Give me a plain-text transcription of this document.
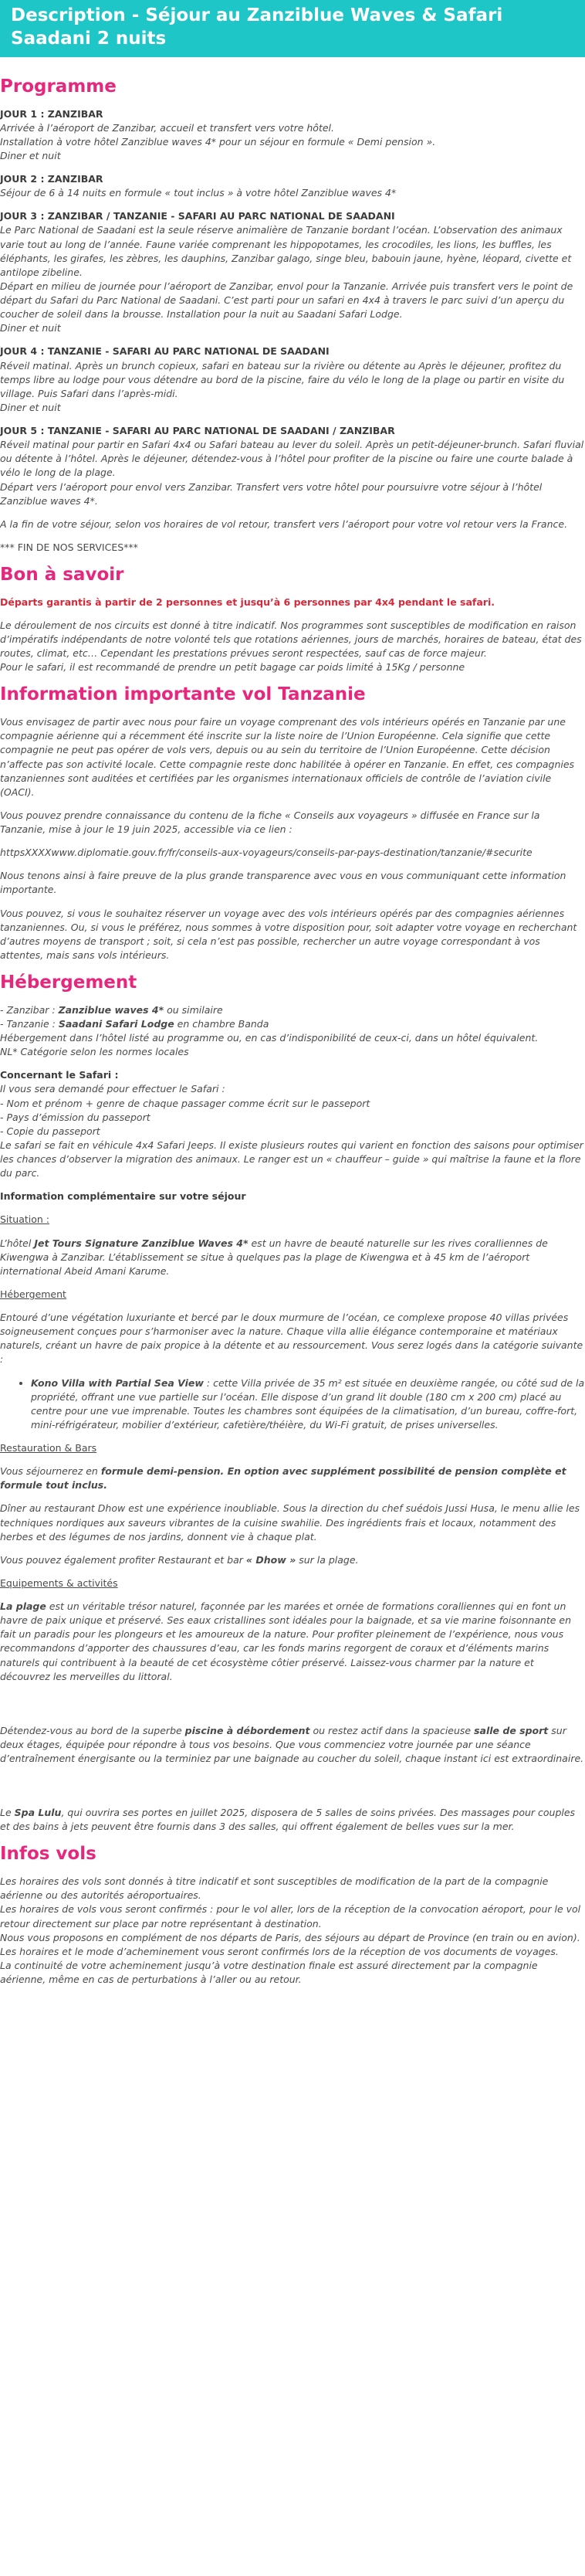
Description - Séjour au Zanziblue Waves & Safari Saadani 2 nuits
Programme

JOUR 1 : ZANZIBAR
Arrivée à l’aéroport de Zanzibar, accueil et transfert vers votre hôtel.
Installation à votre hôtel Zanziblue waves 4* pour un séjour en formule « Demi pension ».
Diner et nuit

JOUR 2 : ZANZIBAR
Séjour de 6 à 14 nuits en formule « tout inclus » à votre hôtel Zanziblue waves 4*

JOUR 3 : ZANZIBAR / TANZANIE - SAFARI AU PARC NATIONAL DE SAADANI
Le Parc National de Saadani est la seule réserve animalière de Tanzanie bordant l’océan. L’observation des animaux varie tout au long de l’année. Faune variée comprenant les hippopotames, les crocodiles, les lions, les buffles, les éléphants, les girafes, les zèbres, les dauphins, Zanzibar galago, singe bleu, babouin jaune, hyène, léopard, civette et antilope zibeline.
Départ en milieu de journée pour l’aéroport de Zanzibar, envol pour la Tanzanie. Arrivée puis transfert vers le point de départ du Safari du Parc National de Saadani. C’est parti pour un safari en 4x4 à travers le parc suivi d’un aperçu du coucher de soleil dans la brousse. Installation pour la nuit au Saadani Safari Lodge.
Diner et nuit

JOUR 4 : TANZANIE - SAFARI AU PARC NATIONAL DE SAADANI
Réveil matinal. Après un brunch copieux, safari en bateau sur la rivière ou détente au Après le déjeuner, profitez du temps libre au lodge pour vous détendre au bord de la piscine, faire du vélo le long de la plage ou partir en visite du village. Puis Safari dans l’après-midi.
Diner et nuit

JOUR 5 : TANZANIE - SAFARI AU PARC NATIONAL DE SAADANI / ZANZIBAR
Réveil matinal pour partir en Safari 4x4 ou Safari bateau au lever du soleil. Après un petit-déjeuner-brunch. Safari fluvial ou détente à l’hôtel. Après le déjeuner, détendez-vous à l’hôtel pour profiter de la piscine ou faire une courte balade à vélo le long de la plage.
Départ vers l’aéroport pour envol vers Zanzibar. Transfert vers votre hôtel pour poursuivre votre séjour à l’hôtel Zanziblue waves 4*.

A la fin de votre séjour, selon vos horaires de vol retour, transfert vers l’aéroport pour votre vol retour vers la France.

*** FIN DE NOS SERVICES***

Bon à savoir

Départs garantis à partir de 2 personnes et jusqu’à 6 personnes par 4x4 pendant le safari.

Le déroulement de nos circuits est donné à titre indicatif. Nos programmes sont susceptibles de modification en raison d’impératifs indépendants de notre volonté tels que rotations aériennes, jours de marchés, horaires de bateau, état des routes, climat, etc… Cependant les prestations prévues seront respectées, sauf cas de force majeur.
Pour le safari, il est recommandé de prendre un petit bagage car poids limité à 15Kg / personne

Information importante vol Tanzanie

Vous envisagez de partir avec nous pour faire un voyage comprenant des vols intérieurs opérés en Tanzanie par une compagnie aérienne qui a récemment été inscrite sur la liste noire de l’Union Européenne. Cela signifie que cette compagnie ne peut pas opérer de vols vers, depuis ou au sein du territoire de l’Union Européenne. Cette décision n’affecte pas son activité locale. Cette compagnie reste donc habilitée à opérer en Tanzanie. En effet, ces compagnies tanzaniennes sont auditées et certifiées par les organismes internationaux officiels de contrôle de l’aviation civile (OACI).

Vous pouvez prendre connaissance du contenu de la fiche « Conseils aux voyageurs » diffusée en France sur la Tanzanie, mise à jour le 19 juin 2025, accessible via ce lien :

httpsXXXXwww.diplomatie.gouv.fr/fr/conseils-aux-voyageurs/conseils-par-pays-destination/tanzanie/#securite

Nous tenons ainsi à faire preuve de la plus grande transparence avec vous en vous communiquant cette information importante.

Vous pouvez, si vous le souhaitez réserver un voyage avec des vols intérieurs opérés par des compagnies aériennes tanzaniennes. Ou, si vous le préférez, nous sommes à votre disposition pour, soit adapter votre voyage en recherchant d’autres moyens de transport ; soit, si cela n’est pas possible, rechercher un autre voyage correspondant à vos attentes, mais sans vols intérieurs.

Hébergement

- Zanzibar : Zanziblue waves 4* ou similaire
- Tanzanie : Saadani Safari Lodge en chambre Banda
Hébergement dans l’hôtel listé au programme ou, en cas d’indisponibilité de ceux-ci, dans un hôtel équivalent.
NL* Catégorie selon les normes locales

Concernant le Safari :
Il vous sera demandé pour effectuer le Safari :
- Nom et prénom + genre de chaque passager comme écrit sur le passeport
- Pays d’émission du passeport
- Copie du passeport
Le safari se fait en véhicule 4x4 Safari Jeeps. Il existe plusieurs routes qui varient en fonction des saisons pour optimiser les chances d’observer la migration des animaux. Le ranger est un « chauffeur – guide » qui maîtrise la faune et la flore du parc.

Information complémentaire sur votre séjour

Situation :

L’hôtel Jet Tours Signature Zanziblue Waves 4* est un havre de beauté naturelle sur les rives coralliennes de Kiwengwa à Zanzibar. L’établissement se situe à quelques pas la plage de Kiwengwa et à 45 km de l’aéroport international Abeid Amani Karume.

Hébergement

Entouré d’une végétation luxuriante et bercé par le doux murmure de l’océan, ce complexe propose 40 villas privées soigneusement conçues pour s’harmoniser avec la nature. Chaque villa allie élégance contemporaine et matériaux naturels, créant un havre de paix propice à la détente et au ressourcement. Vous serez logés dans la catégorie suivante :

• Kono Villa with Partial Sea View : cette Villa privée de 35 m² est située en deuxième rangée, ou côté sud de la propriété, offrant une vue partielle sur l’océan. Elle dispose d’un grand lit double (180 cm x 200 cm) placé au centre pour une vue imprenable. Toutes les chambres sont équipées de la climatisation, d’un bureau, coffre-fort, mini-réfrigérateur, mobilier d’extérieur, cafetière/théière, du Wi-Fi gratuit, de prises universelles.

Restauration & Bars

Vous séjournerez en formule demi-pension. En option avec supplément possibilité de pension complète et formule tout inclus.

Dîner au restaurant Dhow est une expérience inoubliable. Sous la direction du chef suédois Jussi Husa, le menu allie les techniques nordiques aux saveurs vibrantes de la cuisine swahilie. Des ingrédients frais et locaux, notamment des herbes et des légumes de nos jardins, donnent vie à chaque plat.

Vous pouvez également profiter Restaurant et bar « Dhow » sur la plage.

Equipements & activités

La plage est un véritable trésor naturel, façonnée par les marées et ornée de formations coralliennes qui en font un havre de paix unique et préservé. Ses eaux cristallines sont idéales pour la baignade, et sa vie marine foisonnante en fait un paradis pour les plongeurs et les amoureux de la nature. Pour profiter pleinement de l’expérience, nous vous recommandons d’apporter des chaussures d’eau, car les fonds marins regorgent de coraux et d’éléments marins naturels qui contribuent à la beauté de cet écosystème côtier préservé. Laissez-vous charmer par la nature et découvrez les merveilles du littoral.

Détendez-vous au bord de la superbe piscine à débordement ou restez actif dans la spacieuse salle de sport sur deux étages, équipée pour répondre à tous vos besoins. Que vous commenciez votre journée par une séance d’entraînement énergisante ou la terminiez par une baignade au coucher du soleil, chaque instant ici est extraordinaire.

Le Spa Lulu, qui ouvrira ses portes en juillet 2025, disposera de 5 salles de soins privées. Des massages pour couples et des bains à jets peuvent être fournis dans 3 des salles, qui offrent également de belles vues sur la mer.

Infos vols

Les horaires des vols sont donnés à titre indicatif et sont susceptibles de modification de la part de la compagnie aérienne ou des autorités aéroportuaires.
Les horaires de vols vous seront confirmés : pour le vol aller, lors de la réception de la convocation aéroport, pour le vol retour directement sur place par notre représentant à destination.
Nous vous proposons en complément de nos départs de Paris, des séjours au départ de Province (en train ou en avion).
Les horaires et le mode d’acheminement vous seront confirmés lors de la réception de vos documents de voyages.
La continuité de votre acheminement jusqu’à votre destination finale est assuré directement par la compagnie aérienne, même en cas de perturbations à l’aller ou au retour.
